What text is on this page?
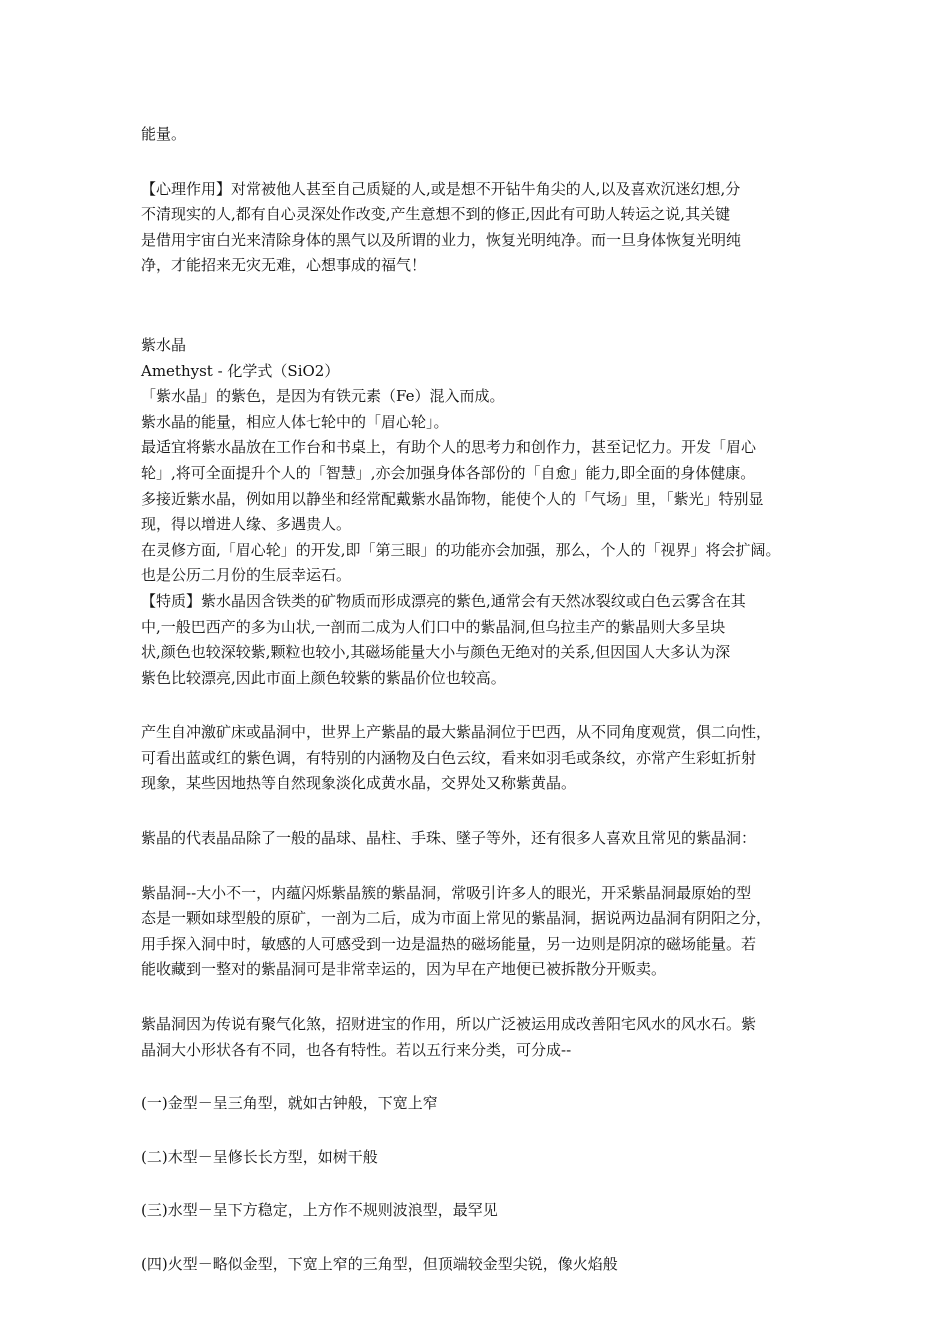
能量。
【心理作用】对常被他人甚至自己质疑的人,或是想不开钻牛角尖的人,以及喜欢沉迷幻想,分
不清现实的人,都有自心灵深处作改变,产生意想不到的修正,因此有可助人转运之说,其关键
是借用宇宙白光来清除身体的黑气以及所谓的业力，恢复光明纯净。而一旦身体恢复光明纯
净，才能招来无灾无难，心想事成的福气！
紫水晶
Amethyst - 化学式（SiO2）
「紫水晶」的紫色，是因为有铁元素（Fe）混入而成。
紫水晶的能量，相应人体七轮中的「眉心轮」。
最适宜将紫水晶放在工作台和书桌上，有助个人的思考力和创作力，甚至记忆力。开发「眉心
轮」,将可全面提升个人的「智慧」,亦会加强身体各部份的「自愈」能力,即全面的身体健康。
多接近紫水晶，例如用以静坐和经常配戴紫水晶饰物，能使个人的「气场」里，「紫光」特别显
现，得以增进人缘、多遇贵人。
在灵修方面,「眉心轮」的开发,即「第三眼」的功能亦会加强，那么，个人的「视界」将会扩阔。
也是公历二月份的生辰幸运石。
【特质】紫水晶因含铁类的矿物质而形成漂亮的紫色,通常会有天然冰裂纹或白色云雾含在其
中,一般巴西产的多为山状,一剖而二成为人们口中的紫晶洞,但乌拉圭产的紫晶则大多呈块
状,颜色也较深较紫,颗粒也较小,其磁场能量大小与颜色无绝对的关系,但因国人大多认为深
紫色比较漂亮,因此市面上颜色较紫的紫晶价位也较高。
产生自冲激矿床或晶洞中，世界上产紫晶的最大紫晶洞位于巴西，从不同角度观赏，俱二向性，
可看出蓝或红的紫色调，有特别的内涵物及白色云纹，看来如羽毛或条纹，亦常产生彩虹折射
现象，某些因地热等自然现象淡化成黄水晶，交界处又称紫黄晶。
紫晶的代表晶品除了一般的晶球、晶柱、手珠、墜子等外，还有很多人喜欢且常见的紫晶洞：
紫晶洞--大小不一，内蕴闪烁紫晶簇的紫晶洞，常吸引许多人的眼光，开采紫晶洞最原始的型
态是一颗如球型般的原矿，一剖为二后，成为市面上常见的紫晶洞，据说两边晶洞有阴阳之分，
用手探入洞中时，敏感的人可感受到一边是温热的磁场能量，另一边则是阴凉的磁场能量。若
能收藏到一整对的紫晶洞可是非常幸运的，因为早在产地便已被拆散分开贩卖。
紫晶洞因为传说有聚气化煞，招财进宝的作用，所以广泛被运用成改善阳宅风水的风水石。紫
晶洞大小形状各有不同，也各有特性。若以五行来分类，可分成--
(一)金型－呈三角型，就如古钟般，下宽上窄
(二)木型－呈修长长方型，如树干般
(三)水型－呈下方稳定，上方作不规则波浪型，最罕见
(四)火型－略似金型，下宽上窄的三角型，但顶端较金型尖锐，像火焰般
